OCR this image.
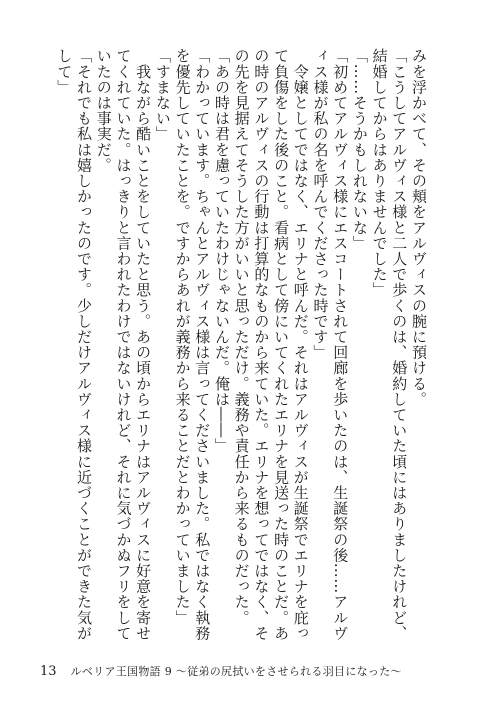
みを浮かべて、その頬をアルヴィスの腕に預ける。

「こうしてアルヴィス様と二人で歩くのは、婚約していた頃にはありましたけれど、結婚してからはありませんでした」

「……そうかもしれないな」

「初めてアルヴィス様にエスコートされて回廊を歩いたのは、生誕祭の後……アルヴィス様が私の名を呼んでくださった時です」

　令嬢としてではなく、エリナと呼んだ。それはアルヴィスが生誕祭でエリナを庇って負傷をした後のこと。看病として傍にいてくれたエリナを見送った時のことだ。あの時のアルヴィスの行動は打算的なものから来ていた。エリナを想ってではなく、その先を見据えてそうした方がいいと思っただけ。義務や責任から来るものだった。

「あの時は君を慮っていたわけじゃないんだ。俺は――」

「わかっています。ちゃんとアルヴィス様は言ってくださいました。私ではなく執務を優先していたことを。ですからあれが義務から来ることだとわかっていました」

「すまない」

　我ながら酷いことをしていたと思う。あの頃からエリナはアルヴィスに好意を寄せてくれていた。はっきりと言われたわけではないけれど、それに気づかぬフリをしていたのは事実だ。

「それでも私は嬉しかったのです。少しだけアルヴィス様に近づくことができた気がして」

13 ルベリア王国物語 9 ～従弟の尻拭いをさせられる羽目になった～
